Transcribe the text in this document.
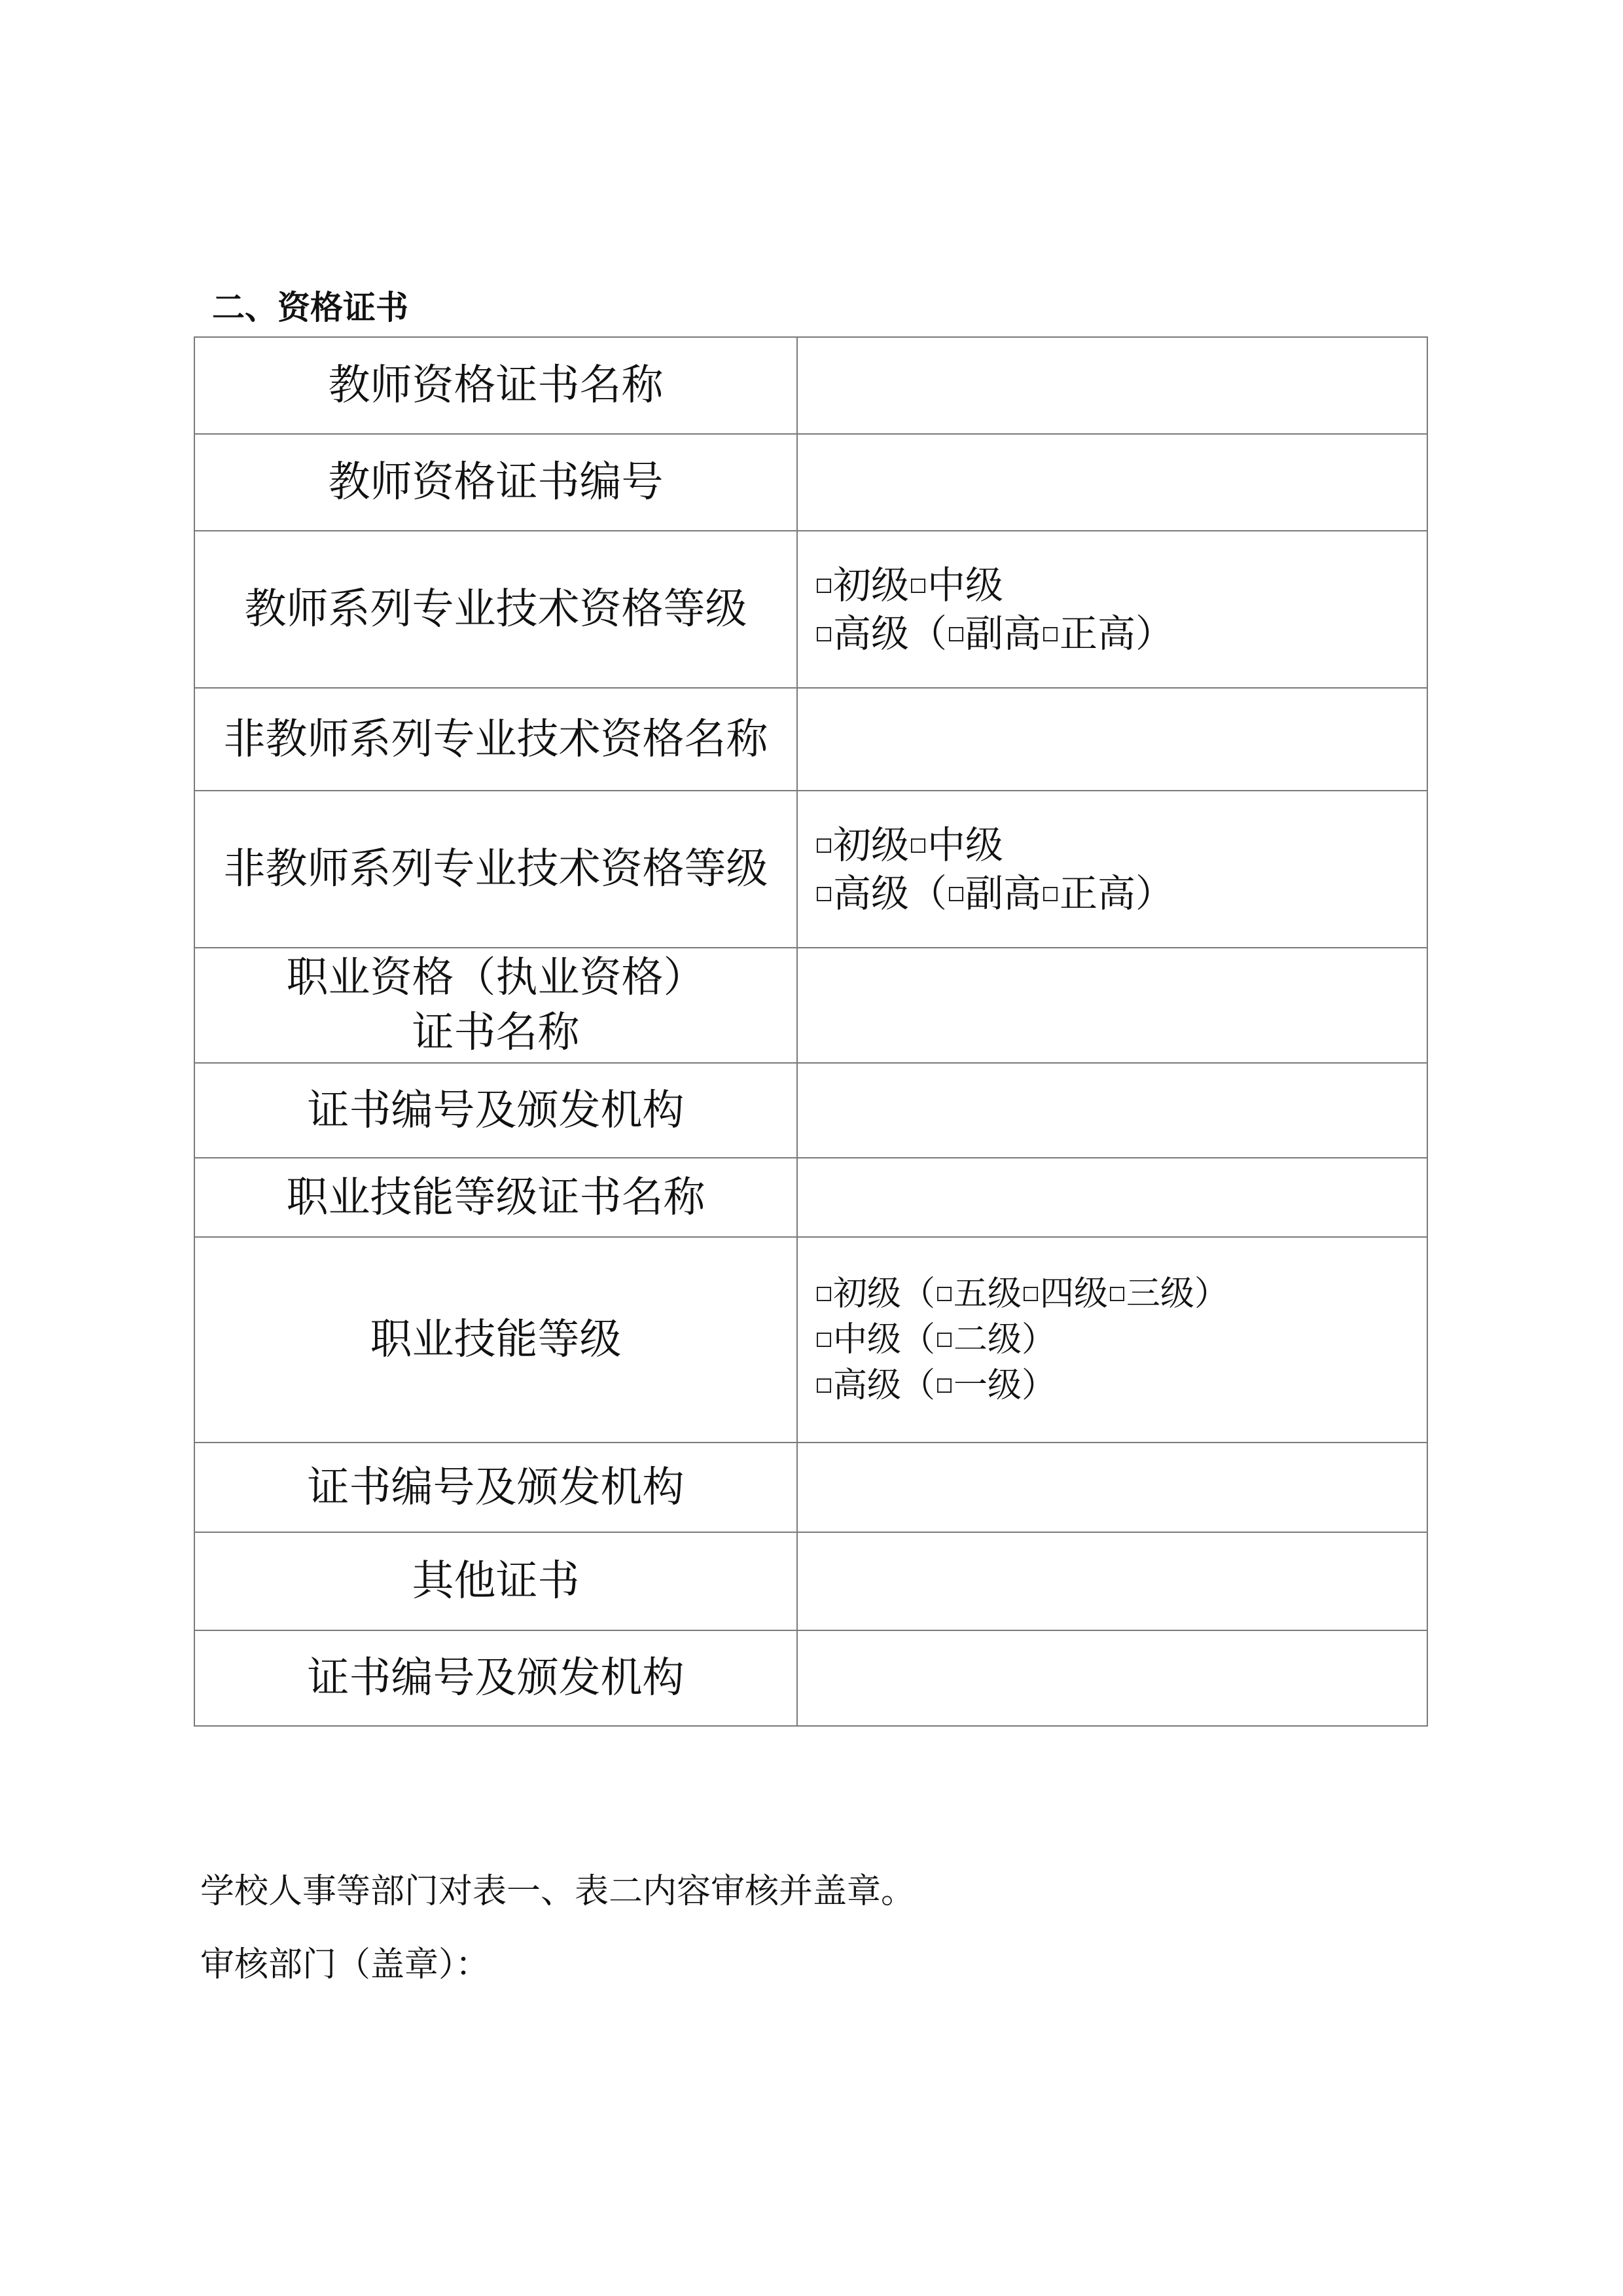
二、资格证书
教师资格证书名称	

教师资格证书编号	

教师系列专业技术资格等级	初级 中级
高级（ 副高 正高）

非教师系列专业技术资格名称	

非教师系列专业技术资格等级	初级 中级
高级（ 副高 正高）

职业资格（执业资格）
证书名称	

证书编号及颁发机构	

职业技能等级证书名称	

职业技能等级	初级（ 五级 四级 三级）
中级（ 二级）
高级（ 一级）

证书编号及颁发机构	

其他证书	

证书编号及颁发机构	

学校人事等部门对表一、表二内容审核并盖章。

审核部门（盖章）：
